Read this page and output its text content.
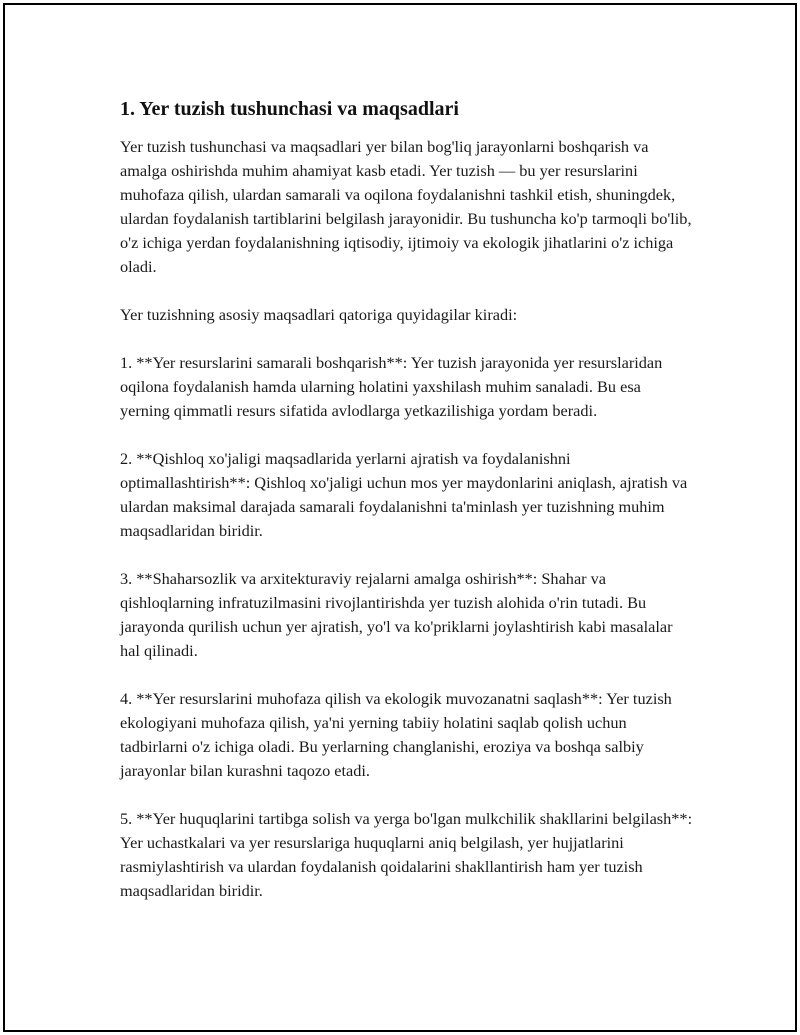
1. Yer tuzish tushunchasi va maqsadlari

Yer tuzish tushunchasi va maqsadlari yer bilan bog'liq jarayonlarni boshqarish va amalga oshirishda muhim ahamiyat kasb etadi. Yer tuzish — bu yer resurslarini muhofaza qilish, ulardan samarali va oqilona foydalanishni tashkil etish, shuningdek, ulardan foydalanish tartiblarini belgilash jarayonidir. Bu tushuncha ko'p tarmoqli bo'lib, o'z ichiga yerdan foydalanishning iqtisodiy, ijtimoiy va ekologik jihatlarini o'z ichiga oladi.

Yer tuzishning asosiy maqsadlari qatoriga quyidagilar kiradi:

1. **Yer resurslarini samarali boshqarish**: Yer tuzish jarayonida yer resurslaridan oqilona foydalanish hamda ularning holatini yaxshilash muhim sanaladi. Bu esa yerning qimmatli resurs sifatida avlodlarga yetkazilishiga yordam beradi.

2. **Qishloq xo'jaligi maqsadlarida yerlarni ajratish va foydalanishni optimallashtirish**: Qishloq xo'jaligi uchun mos yer maydonlarini aniqlash, ajratish va ulardan maksimal darajada samarali foydalanishni ta'minlash yer tuzishning muhim maqsadlaridan biridir.

3. **Shaharsozlik va arxitekturaviy rejalarni amalga oshirish**: Shahar va qishloqlarning infratuzilmasini rivojlantirishda yer tuzish alohida o'rin tutadi. Bu jarayonda qurilish uchun yer ajratish, yo'l va ko'priklarni joylashtirish kabi masalalar hal qilinadi.

4. **Yer resurslarini muhofaza qilish va ekologik muvozanatni saqlash**: Yer tuzish ekologiyani muhofaza qilish, ya'ni yerning tabiiy holatini saqlab qolish uchun tadbirlarni o'z ichiga oladi. Bu yerlarning changlanishi, eroziya va boshqa salbiy jarayonlar bilan kurashni taqozo etadi.

5. **Yer huquqlarini tartibga solish va yerga bo'lgan mulkchilik shakllarini belgilash**: Yer uchastkalari va yer resurslariga huquqlarni aniq belgilash, yer hujjatlarini rasmiylashtirish va ulardan foydalanish qoidalarini shakllantirish ham yer tuzish maqsadlaridan biridir.
